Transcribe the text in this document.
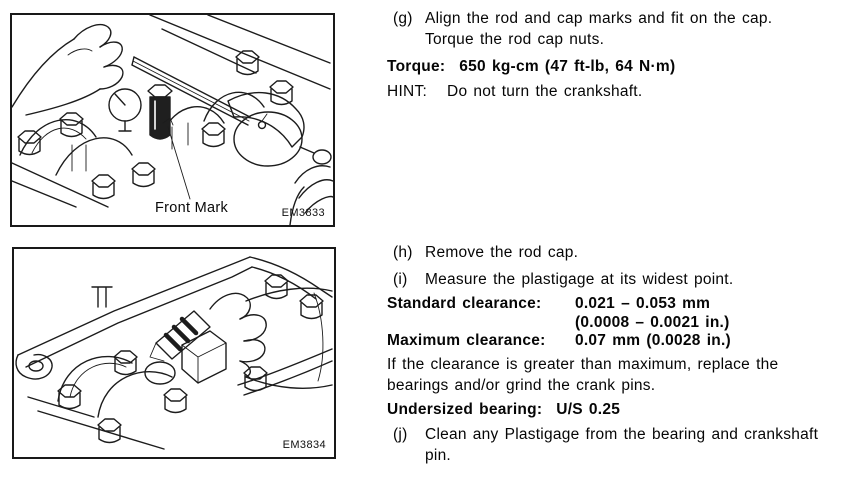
Front Mark	EM3833
EM3834
(g) Align the rod and cap marks and fit on the cap. Torque the rod cap nuts.
Torque: 650 kg-cm (47 ft-lb, 64 N·m)
HINT: Do not turn the crankshaft.
(h) Remove the rod cap.
(i)	Measure the plastigage at its widest point.
Standard clearance:	0.021 – 0.053 mm
(0.0008 – 0.0021 in.)
Maximum clearance:	0.07 mm (0.0028 in.)
If the clearance is greater than maximum, replace the bearings and/or grind the crank pins.
Undersized bearing: U/S 0.25
(j)	Clean any Plastigage from the bearing and crankshaft pin.
